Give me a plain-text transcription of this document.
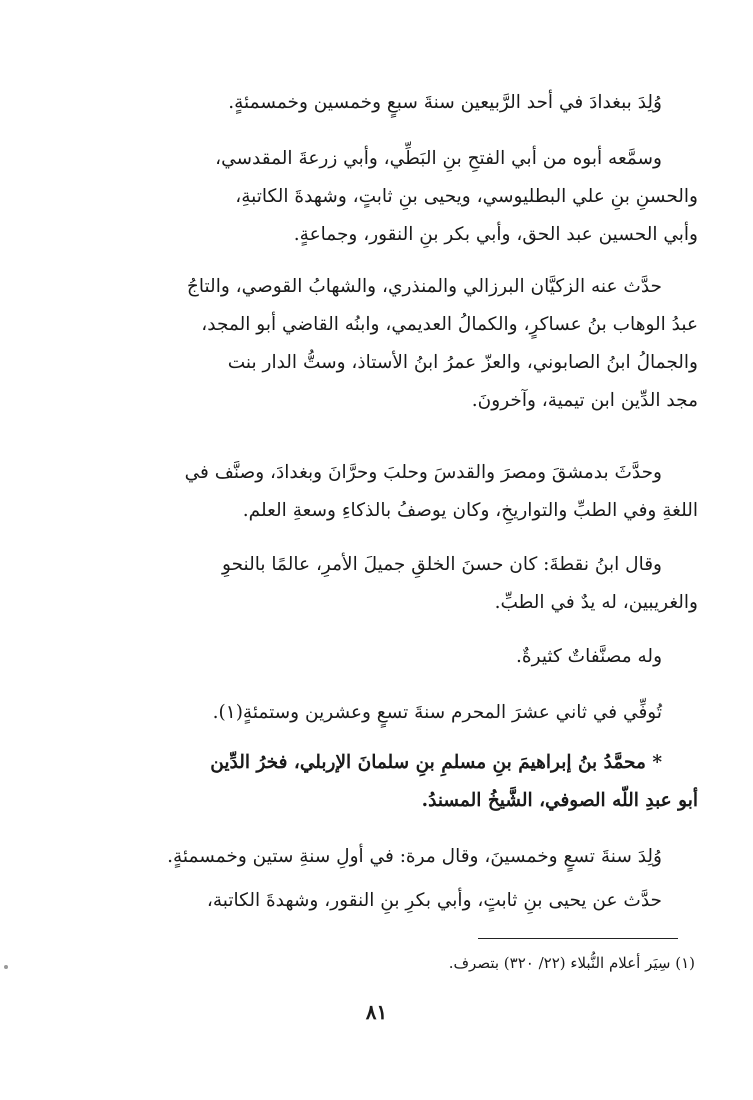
وُلِدَ ببغدادَ في أحد الرَّبيعين سنةَ سبعٍ وخمسين وخمسمئةٍ.

وسمَّعه أبوه من أبي الفتحِ بنِ البَطِّي، وأبي زرعةَ المقدسي،
والحسنِ بنِ علي البطليوسي، ويحيى بنِ ثابتٍ، وشهدةَ الكاتبةِ،
وأبي الحسين عبد الحق، وأبي بكر بنِ النقور، وجماعةٍ.

حدَّث عنه الزكيَّان البرزالي والمنذري، والشهابُ القوصي، والتاجُ
عبدُ الوهاب بنُ عساكرٍ، والكمالُ العديمي، وابنُه القاضي أبو المجد،
والجمالُ ابنُ الصابوني، والعزّ عمرُ ابنُ الأستاذ، وستُّ الدار بنت
مجد الدِّين ابن تيمية، وآخرونَ.

وحدَّثَ بدمشقَ ومصرَ والقدسَ وحلبَ وحرَّانَ وبغدادَ، وصنَّف في
اللغةِ وفي الطبِّ والتواريخِ، وكان يوصفُ بالذكاءِ وسعةِ العلم.

وقال ابنُ نقطةَ: كان حسنَ الخلقِ جميلَ الأمرِ، عالمًا بالنحوِ
والغريبين، له يدٌ في الطبِّ.

وله مصنَّفاتٌ كثيرةٌ.

تُوفِّي في ثاني عشرَ المحرم سنةَ تسعٍ وعشرين وستمئةٍ(١).

* محمَّدُ بنُ إبراهيمَ بنِ مسلمِ بنِ سلمانَ الإربلي، فخرُ الدِّين
أبو عبدِ اللّه الصوفي، الشَّيخُ المسندُ.

وُلِدَ سنةَ تسعٍ وخمسينَ، وقال مرة: في أولِ سنةِ ستين وخمسمئةٍ.

حدَّث عن يحيى بنِ ثابتٍ، وأبي بكرِ بنِ النقور، وشهدةَ الكاتبة،

(١) سِيَر أعلام النُّبلاء (٢٢/ ٣٢٠) بتصرف.
٨١
